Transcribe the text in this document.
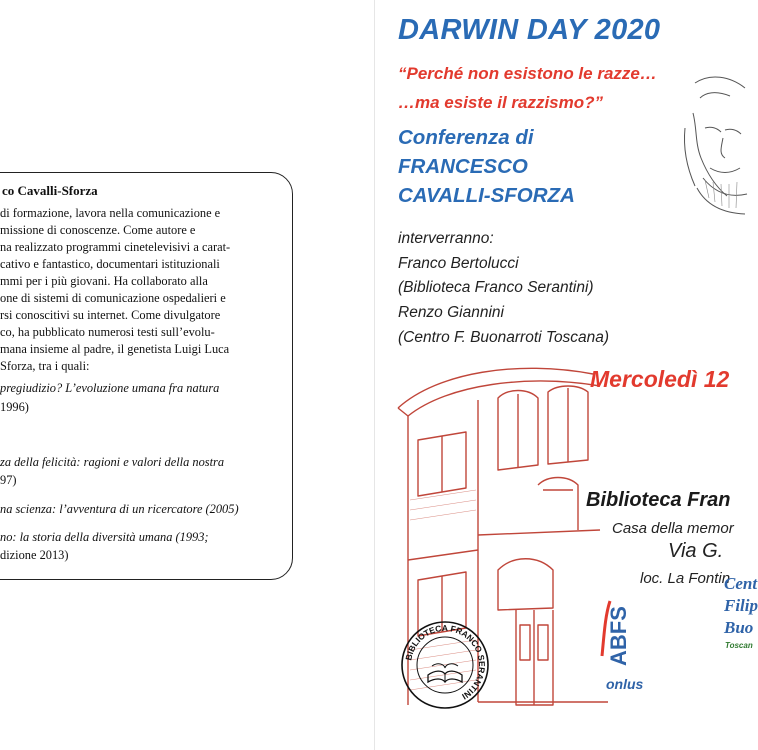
co Cavalli-Sforza
di formazione, lavora nella comunicazione e
missione di conoscenze. Come autore e
na realizzato programmi cinetelevisivi a carat-
cativo e fantastico, documentari istituzionali
mmi per i più giovani. Ha collaborato alla
one di sistemi di comunicazione ospedalieri e
rsi conoscitivi su internet. Come divulgatore
co, ha pubblicato numerosi testi sull’evolu-
mana insieme al padre, il genetista Luigi Luca
Sforza, tra i quali:
pregiudizio? L’evoluzione umana fra natura
1996)
za della felicità: ragioni e valori della nostra
97)
na scienza: l’avventura di un ricercatore (2005)
no: la storia della diversità umana (1993;
dizione 2013)
DARWIN DAY 2020
“Perché non esistono le razze…
…ma esiste il razzismo?”
Conferenza di
FRANCESCO
CAVALLI-SFORZA
interverranno:
Franco Bertolucci
(Biblioteca Franco Serantini)
Renzo Giannini
(Centro F. Buonarroti Toscana)
Mercoledì 12
Biblioteca Fran
Casa della memor
Via G.
loc. La Fontin
BIBLIOTECA FRANCO SERANTINI
ABFS
onlus
Cent
Filip
Buo
Toscan
